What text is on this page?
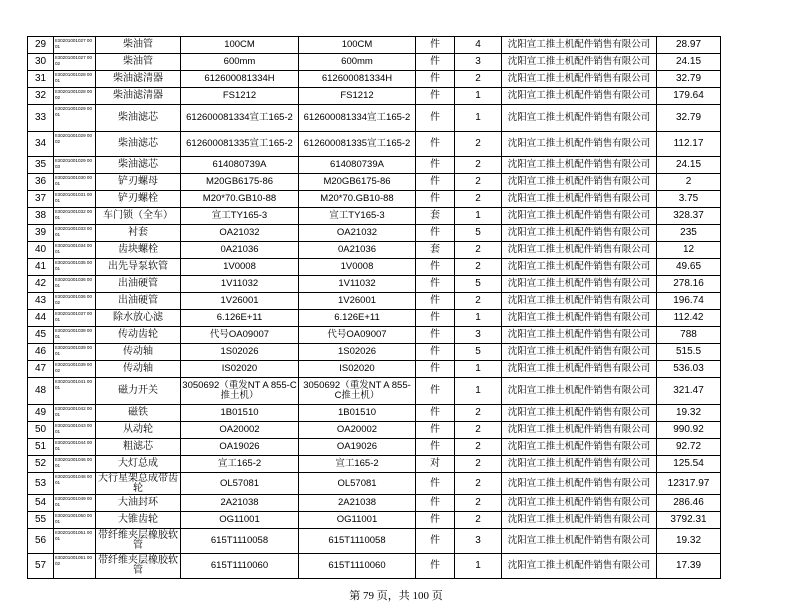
29	II30201001027 0001	柴油管	100CM	100CM	件	4	沈阳宣工推土机配件销售有限公司	28.97
30	II30201001027 0002	柴油管	600mm	600mm	件	3	沈阳宣工推土机配件销售有限公司	24.15
31	II30201001028 0001	柴油滤清器	612600081334H	612600081334H	件	2	沈阳宣工推土机配件销售有限公司	32.79
32	II30201001028 0002	柴油滤清器	FS1212	FS1212	件	1	沈阳宣工推土机配件销售有限公司	179.64
33	II30201001029 0001	柴油滤芯	612600081334宣工165-2	612600081334宣工165-2	件	1	沈阳宣工推土机配件销售有限公司	32.79
34	II30201001029 0002	柴油滤芯	612600081335宣工165-2	612600081335宣工165-2	件	2	沈阳宣工推土机配件销售有限公司	112.17
35	II30201001029 0003	柴油滤芯	614080739A	614080739A	件	2	沈阳宣工推土机配件销售有限公司	24.15
36	II30201001030 0001	铲刃螺母	M20GB6175-86	M20GB6175-86	件	2	沈阳宣工推土机配件销售有限公司	2
37	II30201001031 0001	铲刃螺栓	M20*70.GB10-88	M20*70.GB10-88	件	2	沈阳宣工推土机配件销售有限公司	3.75
38	II30201001032 0001	车门锁（全车）	宣工TY165-3	宣工TY165-3	套	1	沈阳宣工推土机配件销售有限公司	328.37
39	II30201001033 0001	衬套	OA21032	OA21032	件	5	沈阳宣工推土机配件销售有限公司	235
40	II30201001034 0001	齿块螺栓	0A21036	0A21036	套	2	沈阳宣工推土机配件销售有限公司	12
41	II30201001035 0001	出先导泵软管	1V0008	1V0008	件	2	沈阳宣工推土机配件销售有限公司	49.65
42	II30201001036 0001	出油硬管	1V11032	1V11032	件	5	沈阳宣工推土机配件销售有限公司	278.16
43	II30201001036 0002	出油硬管	1V26001	1V26001	件	2	沈阳宣工推土机配件销售有限公司	196.74
44	II30201001037 0001	除水放心滤	6.126E+11	6.126E+11	件	1	沈阳宣工推土机配件销售有限公司	112.42
45	II30201001038 0001	传动齿轮	代号OA09007	代号OA09007	件	3	沈阳宣工推土机配件销售有限公司	788
46	II30201001039 0001	传动轴	1S02026	1S02026	件	5	沈阳宣工推土机配件销售有限公司	515.5
47	II30201001039 0002	传动轴	IS02020	IS02020	件	1	沈阳宣工推土机配件销售有限公司	536.03
48	II30201001041 0001	磁力开关	3050692（重发NT A 855-C推土机）	3050692（重发NT A 855-C推土机）	件	1	沈阳宣工推土机配件销售有限公司	321.47
49	II30201001042 0001	磁铁	1B01510	1B01510	件	2	沈阳宣工推土机配件销售有限公司	19.32
50	II30201001043 0001	从动轮	OA20002	OA20002	件	2	沈阳宣工推土机配件销售有限公司	990.92
51	II30201001044 0001	粗滤芯	OA19026	OA19026	件	2	沈阳宣工推土机配件销售有限公司	92.72
52	II30201001046 0001	大灯总成	宣工165-2	宣工165-2	对	2	沈阳宣工推土机配件销售有限公司	125.54
53	II30201001048 0001	大行星架总成带齿轮	OL57081	OL57081	件	2	沈阳宣工推土机配件销售有限公司	12317.97
54	II30201001049 0001	大油封环	2A21038	2A21038	件	2	沈阳宣工推土机配件销售有限公司	286.46
55	II30201001050 0001	大锥齿轮	OG11001	OG11001	件	2	沈阳宣工推土机配件销售有限公司	3792.31
56	II30201001051 0001	带纤维夹层橡胶软管	615T1110058	615T1110058	件	3	沈阳宣工推土机配件销售有限公司	19.32
57	II30201001051 0002	带纤维夹层橡胶软管	615T1110060	615T1110060	件	1	沈阳宣工推土机配件销售有限公司	17.39
第 79 页，共 100 页
